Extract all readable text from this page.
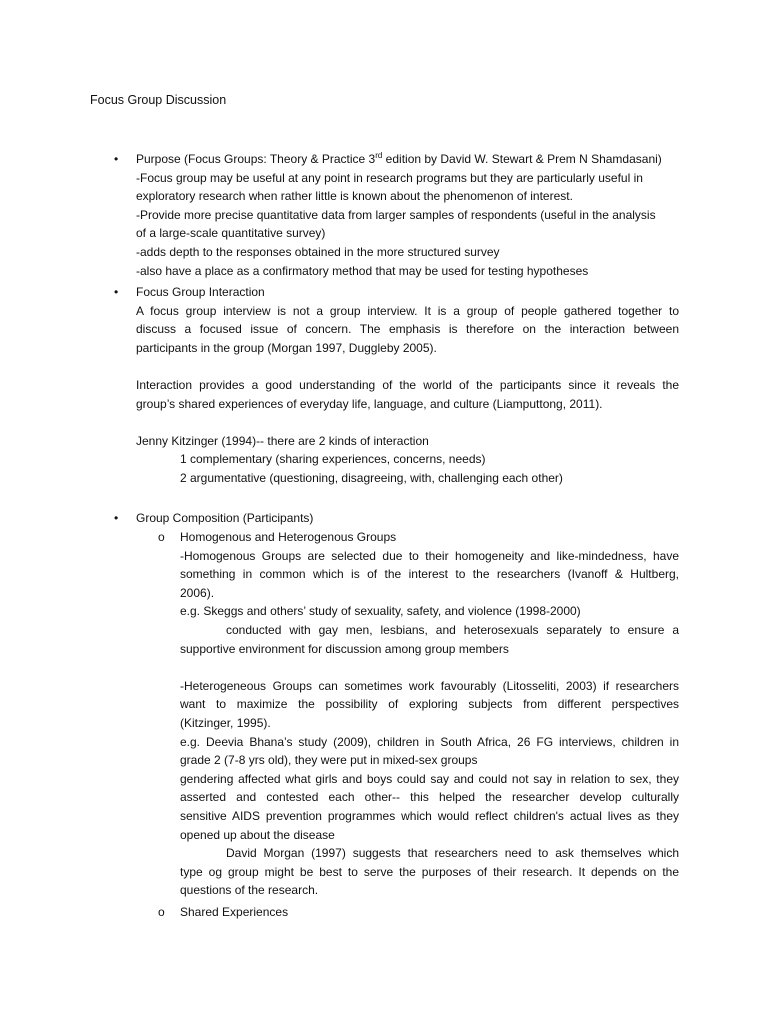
Focus Group Discussion
• Purpose (Focus Groups: Theory & Practice 3rd edition by David W. Stewart & Prem N Shamdasani)
-Focus group may be useful at any point in research programs but they are particularly useful in
exploratory research when rather little is known about the phenomenon of interest.
-Provide more precise quantitative data from larger samples of respondents (useful in the analysis
of a large-scale quantitative survey)
-adds depth to the responses obtained in the more structured survey
-also have a place as a confirmatory method that may be used for testing hypotheses
• Focus Group Interaction
A focus group interview is not a group interview. It is a group of people gathered together to
discuss a focused issue of concern. The emphasis is therefore on the interaction between
participants in the group (Morgan 1997, Duggleby 2005).
Interaction provides a good understanding of the world of the participants since it reveals the
group’s shared experiences of everyday life, language, and culture (Liamputtong, 2011).
Jenny Kitzinger (1994)-- there are 2 kinds of interaction
1 complementary (sharing experiences, concerns, needs)
2 argumentative (questioning, disagreeing, with, challenging each other)
• Group Composition (Participants)
o Homogenous and Heterogenous Groups
-Homogenous Groups are selected due to their homogeneity and like-mindedness, have
something in common which is of the interest to the researchers (Ivanoff & Hultberg,
2006).
e.g. Skeggs and others’ study of sexuality, safety, and violence (1998-2000)
conducted with gay men, lesbians, and heterosexuals separately to ensure a
supportive environment for discussion among group members
-Heterogeneous Groups can sometimes work favourably (Litosseliti, 2003) if researchers
want to maximize the possibility of exploring subjects from different perspectives
(Kitzinger, 1995).
e.g. Deevia Bhana’s study (2009), children in South Africa, 26 FG interviews, children in
grade 2 (7-8 yrs old), they were put in mixed-sex groups
gendering affected what girls and boys could say and could not say in relation to sex, they
asserted and contested each other-- this helped the researcher develop culturally
sensitive AIDS prevention programmes which would reflect children's actual lives as they
opened up about the disease
David Morgan (1997) suggests that researchers need to ask themselves which
type og group might be best to serve the purposes of their research. It depends on the
questions of the research.
o Shared Experiences
